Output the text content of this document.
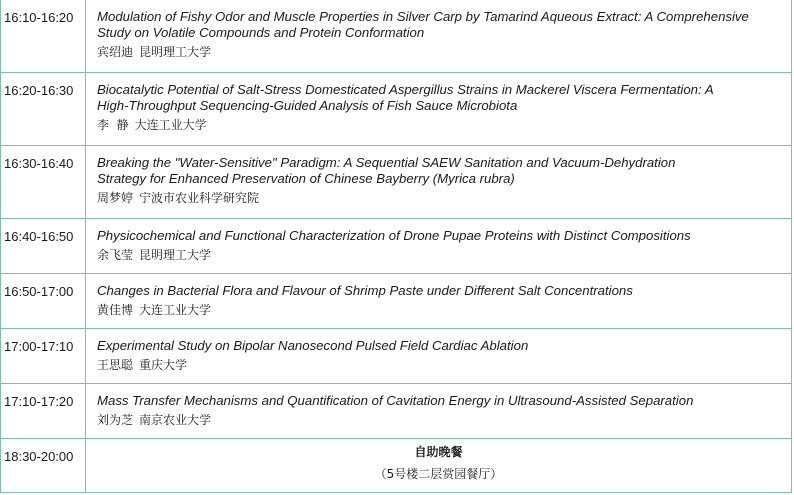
16:10-16:20	Modulation of Fishy Odor and Muscle Properties in Silver Carp by Tamarind Aqueous Extract: A Comprehensive
Study on Volatile Compounds and Protein Conformation
宾绍迪 昆明理工大学

16:20-16:30	Biocatalytic Potential of Salt-Stress Domesticated Aspergillus Strains in Mackerel Viscera Fermentation: A
High-Throughput Sequencing-Guided Analysis of Fish Sauce Microbiota
李  静 大连工业大学

16:30-16:40	Breaking the "Water-Sensitive" Paradigm: A Sequential SAEW Sanitation and Vacuum-Dehydration
Strategy for Enhanced Preservation of Chinese Bayberry (Myrica rubra)
周梦婷 宁波市农业科学研究院

16:40-16:50	Physicochemical and Functional Characterization of Drone Pupae Proteins with Distinct Compositions
余飞莹 昆明理工大学

16:50-17:00	Changes in Bacterial Flora and Flavour of Shrimp Paste under Different Salt Concentrations
黄佳博 大连工业大学

17:00-17:10	Experimental Study on Bipolar Nanosecond Pulsed Field Cardiac Ablation
王思聪 重庆大学

17:10-17:20	Mass Transfer Mechanisms and Quantification of Cavitation Energy in Ultrasound-Assisted Separation
刘为芝 南京农业大学

18:30-20:00	自助晚餐
（5号楼二层赏园餐厅）
